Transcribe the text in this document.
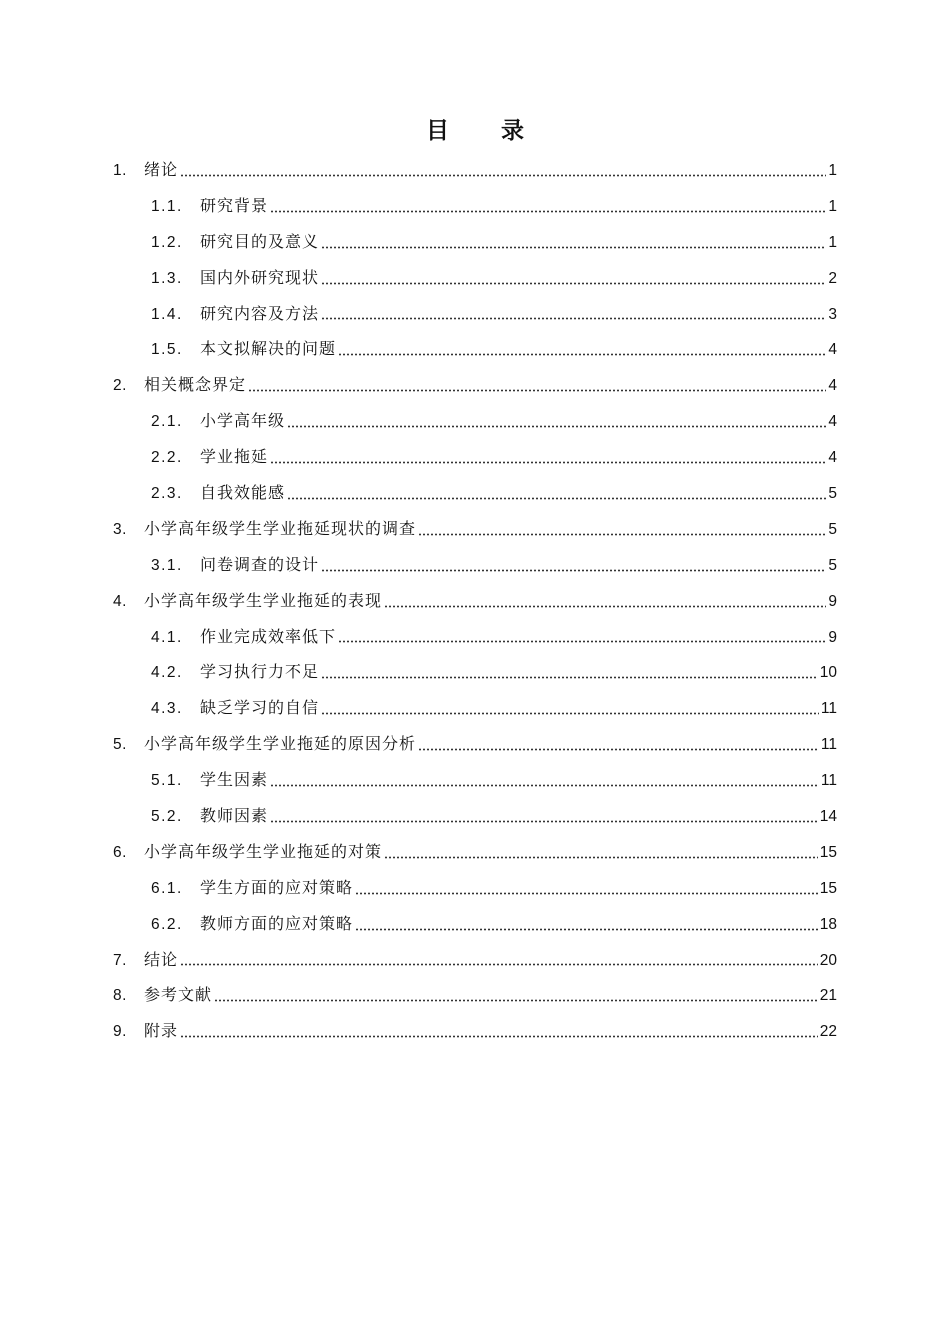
目 录
1.	绪论	1
1.1.	研究背景	1
1.2.	研究目的及意义	1
1.3.	国内外研究现状	2
1.4.	研究内容及方法	3
1.5.	本文拟解决的问题	4
2.	相关概念界定	4
2.1.	小学高年级	4
2.2.	学业拖延	4
2.3.	自我效能感	5
3.	小学高年级学生学业拖延现状的调查	5
3.1.	问卷调查的设计	5
4.	小学高年级学生学业拖延的表现	9
4.1.	作业完成效率低下	9
4.2.	学习执行力不足	10
4.3.	缺乏学习的自信	11
5.	小学高年级学生学业拖延的原因分析	11
5.1.	学生因素	11
5.2.	教师因素	14
6.	小学高年级学生学业拖延的对策	15
6.1.	学生方面的应对策略	15
6.2.	教师方面的应对策略	18
7.	结论	20
8.	参考文献	21
9.	附录	22
